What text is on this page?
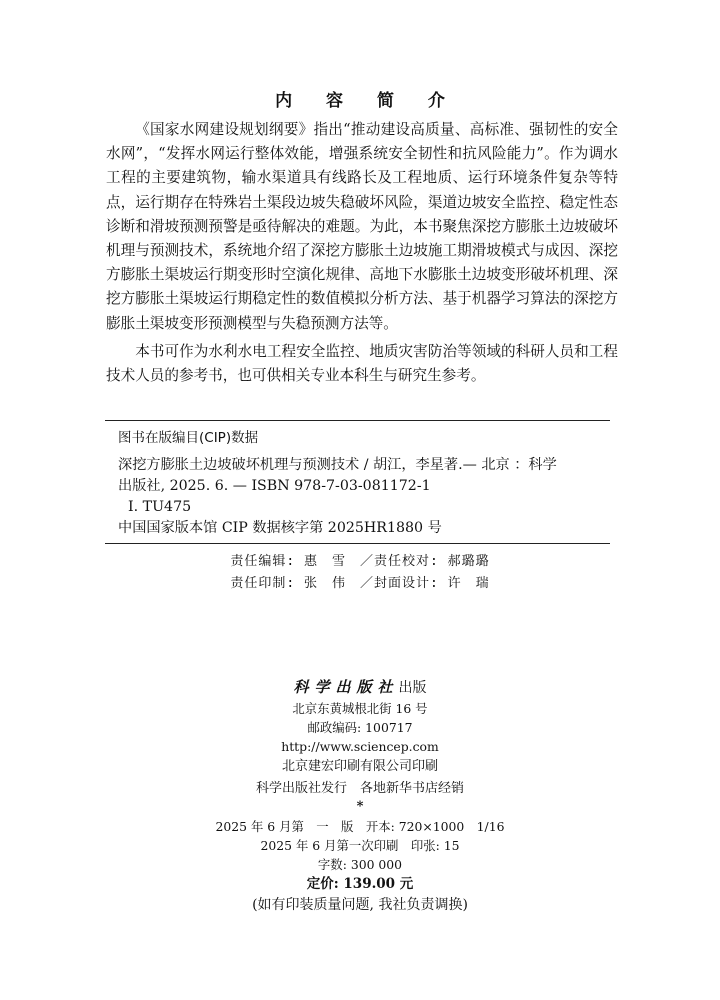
内 容 简 介

《国家水网建设规划纲要》指出“推动建设高质量、高标准、强韧性的安全水网”，“发挥水网运行整体效能，增强系统安全韧性和抗风险能力”。作为调水工程的主要建筑物，输水渠道具有线路长及工程地质、运行环境条件复杂等特点，运行期存在特殊岩土渠段边坡失稳破坏风险，渠道边坡安全监控、稳定性态诊断和滑坡预测预警是亟待解决的难题。为此，本书聚焦深挖方膨胀土边坡破坏机理与预测技术，系统地介绍了深挖方膨胀土边坡施工期滑坡模式与成因、深挖方膨胀土渠坡运行期变形时空演化规律、高地下水膨胀土边坡变形破坏机理、深挖方膨胀土渠坡运行期稳定性的数值模拟分析方法、基于机器学习算法的深挖方膨胀土渠坡变形预测模型与失稳预测方法等。

本书可作为水利水电工程安全监控、地质灾害防治等领域的科研人员和工程技术人员的参考书，也可供相关专业本科生与研究生参考。

图书在版编目(CIP)数据
深挖方膨胀土边坡破坏机理与预测技术 / 胡江，李星著.— 北京 ：科学
出版社, 2025. 6. — ISBN 978-7-03-081172-1
Ⅰ. TU475
中国国家版本馆 CIP 数据核字第 2025HR1880 号
责任编辑: 惠　雪　／责任校对: 郝璐璐
责任印制: 张　伟　／封面设计: 许　瑞
科学出版社出版
北京东黄城根北街 16 号
邮政编码: 100717
http://www.sciencep.com
北京建宏印刷有限公司印刷
科学出版社发行　各地新华书店经销
*
2025 年 6 月第　一　版　开本: 720×1000　1/16
2025 年 6 月第一次印刷　印张: 15
字数: 300 000
定价: 139.00 元
(如有印装质量问题, 我社负责调换)
